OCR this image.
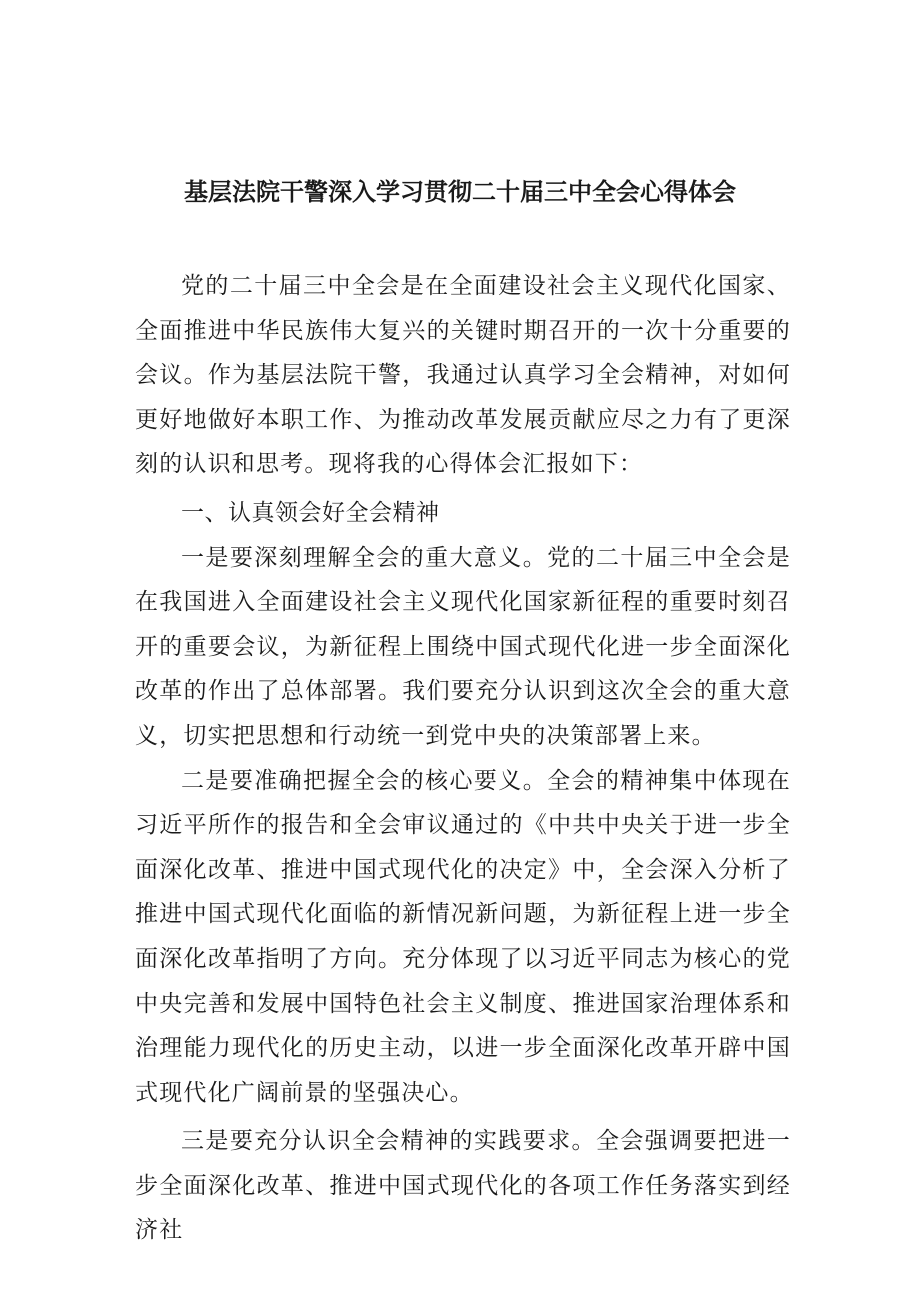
基层法院干警深入学习贯彻二十届三中全会心得体会

党的二十届三中全会是在全面建设社会主义现代化国家、全面推进中华民族伟大复兴的关键时期召开的一次十分重要的会议。作为基层法院干警，我通过认真学习全会精神，对如何更好地做好本职工作、为推动改革发展贡献应尽之力有了更深刻的认识和思考。现将我的心得体会汇报如下：

一、认真领会好全会精神

一是要深刻理解全会的重大意义。党的二十届三中全会是在我国进入全面建设社会主义现代化国家新征程的重要时刻召开的重要会议，为新征程上围绕中国式现代化进一步全面深化改革的作出了总体部署。我们要充分认识到这次全会的重大意义，切实把思想和行动统一到党中央的决策部署上来。

二是要准确把握全会的核心要义。全会的精神集中体现在习近平所作的报告和全会审议通过的《中共中央关于进一步全面深化改革、推进中国式现代化的决定》中，全会深入分析了推进中国式现代化面临的新情况新问题，为新征程上进一步全面深化改革指明了方向。充分体现了以习近平同志为核心的党中央完善和发展中国特色社会主义制度、推进国家治理体系和治理能力现代化的历史主动，以进一步全面深化改革开辟中国式现代化广阔前景的坚强决心。

三是要充分认识全会精神的实践要求。全会强调要把进一步全面深化改革、推进中国式现代化的各项工作任务落实到经济社
